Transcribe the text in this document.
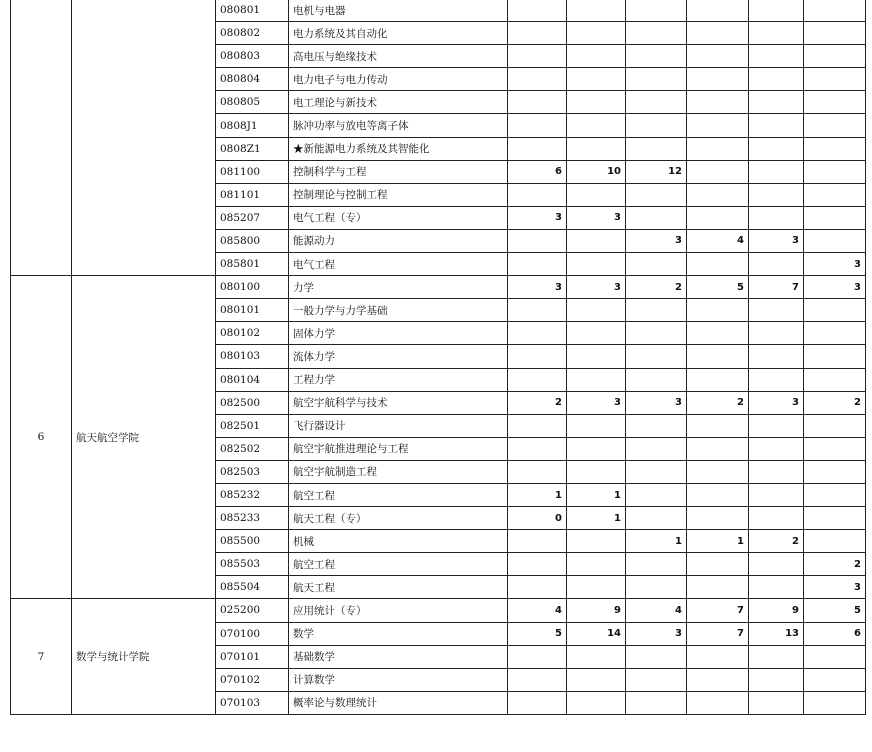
		080801	电机与电器						
		080802	电力系统及其自动化						
		080803	高电压与绝缘技术						
		080804	电力电子与电力传动						
		080805	电工理论与新技术						
		0808J1	脉冲功率与放电等离子体						
		0808Z1	★新能源电力系统及其智能化						
		081100	控制科学与工程	6	10	12			
		081101	控制理论与控制工程						
		085207	电气工程（专）	3	3				
		085800	能源动力			3	4	3	
		085801	电气工程						3
6	航天航空学院	080100	力学	3	3	2	5	7	3
		080101	一般力学与力学基础						
		080102	固体力学						
		080103	流体力学						
		080104	工程力学						
		082500	航空宇航科学与技术	2	3	3	2	3	2
		082501	飞行器设计						
		082502	航空宇航推进理论与工程						
		082503	航空宇航制造工程						
		085232	航空工程	1	1				
		085233	航天工程（专）	0	1				
		085500	机械			1	1	2	
		085503	航空工程						2
		085504	航天工程						3
7	数学与统计学院	025200	应用统计（专）	4	9	4	7	9	5
		070100	数学	5	14	3	7	13	6
		070101	基础数学						
		070102	计算数学						
		070103	概率论与数理统计						
